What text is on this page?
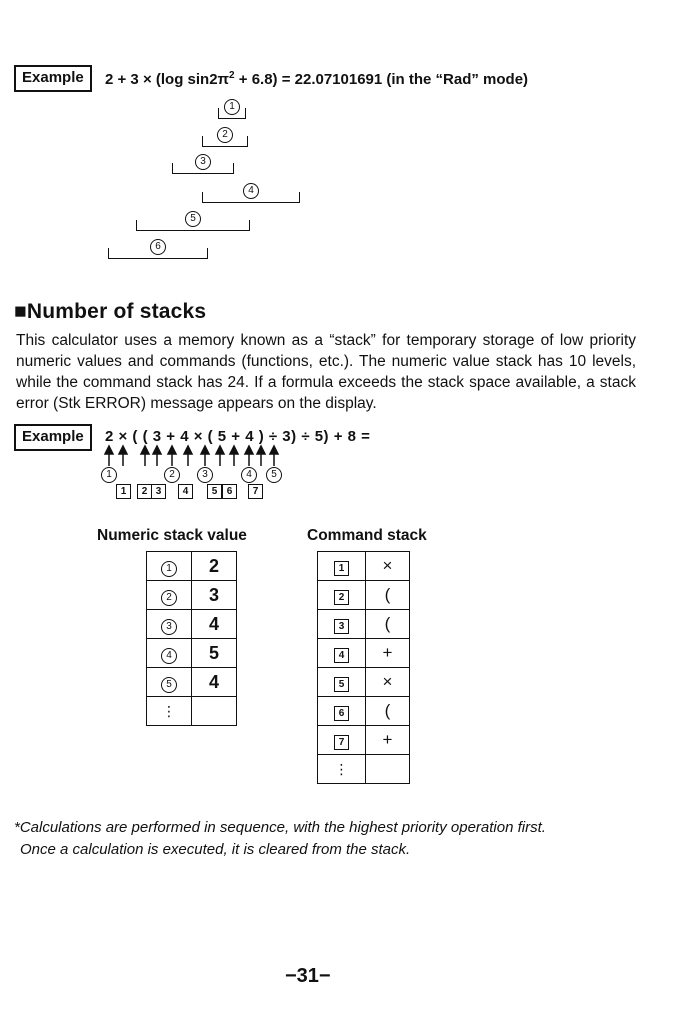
Example	2 + 3 × (log $\sin 2\pi^2 + 6.8) = 22.07101691$ (in the “Rad” mode)
1
2
3
4
5
6
■Number of stacks
This calculator uses a memory known as a “stack” for temporary storage of low priority numeric values and commands (functions, etc.). The numeric value stack has 10 levels, while the command stack has 24. If a formula exceeds the stack space available, a stack error (Stk ERROR) message appears on the display.
Example	2 × ( ( 3 + 4 × ( 5 + 4 ) ÷ 3) ÷ 5) + 8 =
1	2	3	4	5
1	2 3	4	5 6	7
Numeric stack value	Command stack
1	2
2	3
3	4
4	5
5	4
⋮	
1	×
2	(
3	(
4	+
5	×
6	(
7	+
⋮	
*Calculations are performed in sequence, with the highest priority operation first.
Once a calculation is executed, it is cleared from the stack.
−31−
